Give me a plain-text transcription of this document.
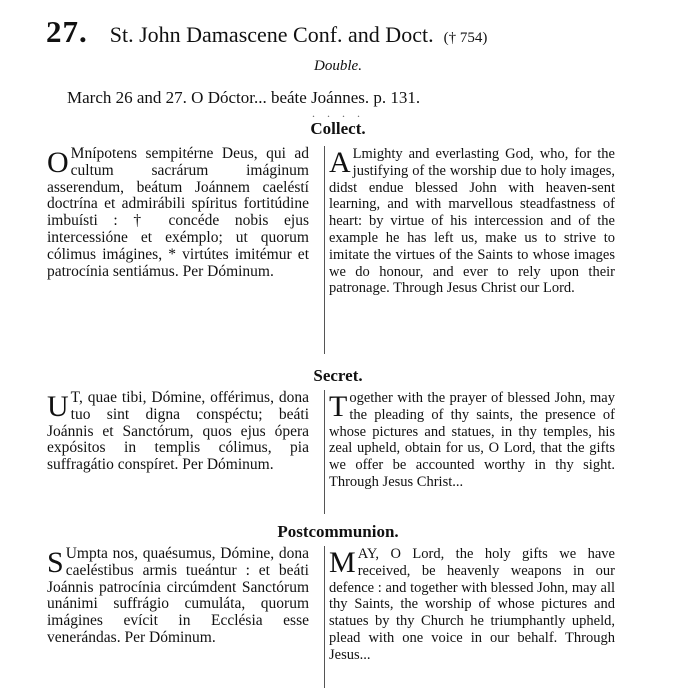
27. St. John Damascene Conf. and Doct. († 754)
Double.
March 26 and 27. O Dóctor... beáte Joánnes. p. 131.
· · · ·
Collect.
O Mnípotens sempitérne Deus, qui ad cultum sacrárum imáginum asserendum, beátum Joánnem caeléstí doctrína et admirábili spíritus fortitúdine imbuísti : † concéde nobis ejus intercessióne et exémplo; ut quorum cólimus imágines, * virtútes imitémur et patrocínia sentiámus. Per Dóminum.
A Lmighty and everlasting God, who, for the justifying of the worship due to holy images, didst endue blessed John with heaven-sent learning, and with marvellous steadfastness of heart: by virtue of his intercession and of the example he has left us, make us to strive to imitate the virtues of the Saints to whose images we do honour, and ever to rely upon their patronage. Through Jesus Christ our Lord.
Secret.
U T, quae tibi, Dómine, offérimus, dona tuo sint digna conspéctu; beáti Joánnis et Sanctórum, quos ejus ópera expósitos in templis cólimus, pia suffragátio conspíret. Per Dóminum.
Together with the prayer of blessed John, may the pleading of thy saints, the presence of whose pictures and statues, in thy temples, his zeal upheld, obtain for us, O Lord, that the gifts we offer be accounted worthy in thy sight. Through Jesus Christ...
Postcommunion.
S Umpta nos, quaésumus, Dómine, dona caeléstibus armis tueántur : et beáti Joánnis patrocínia circúmdent Sanctórum unánimi suffrágio cumuláta, quorum imágines evícit in Ecclésia esse venerándas. Per Dóminum.
MAY, O Lord, the holy gifts we have received, be heavenly weapons in our defence : and together with blessed John, may all thy Saints, the worship of whose pictures and statues by thy Church he triumphantly upheld, plead with one voice in our behalf. Through Jesus...
